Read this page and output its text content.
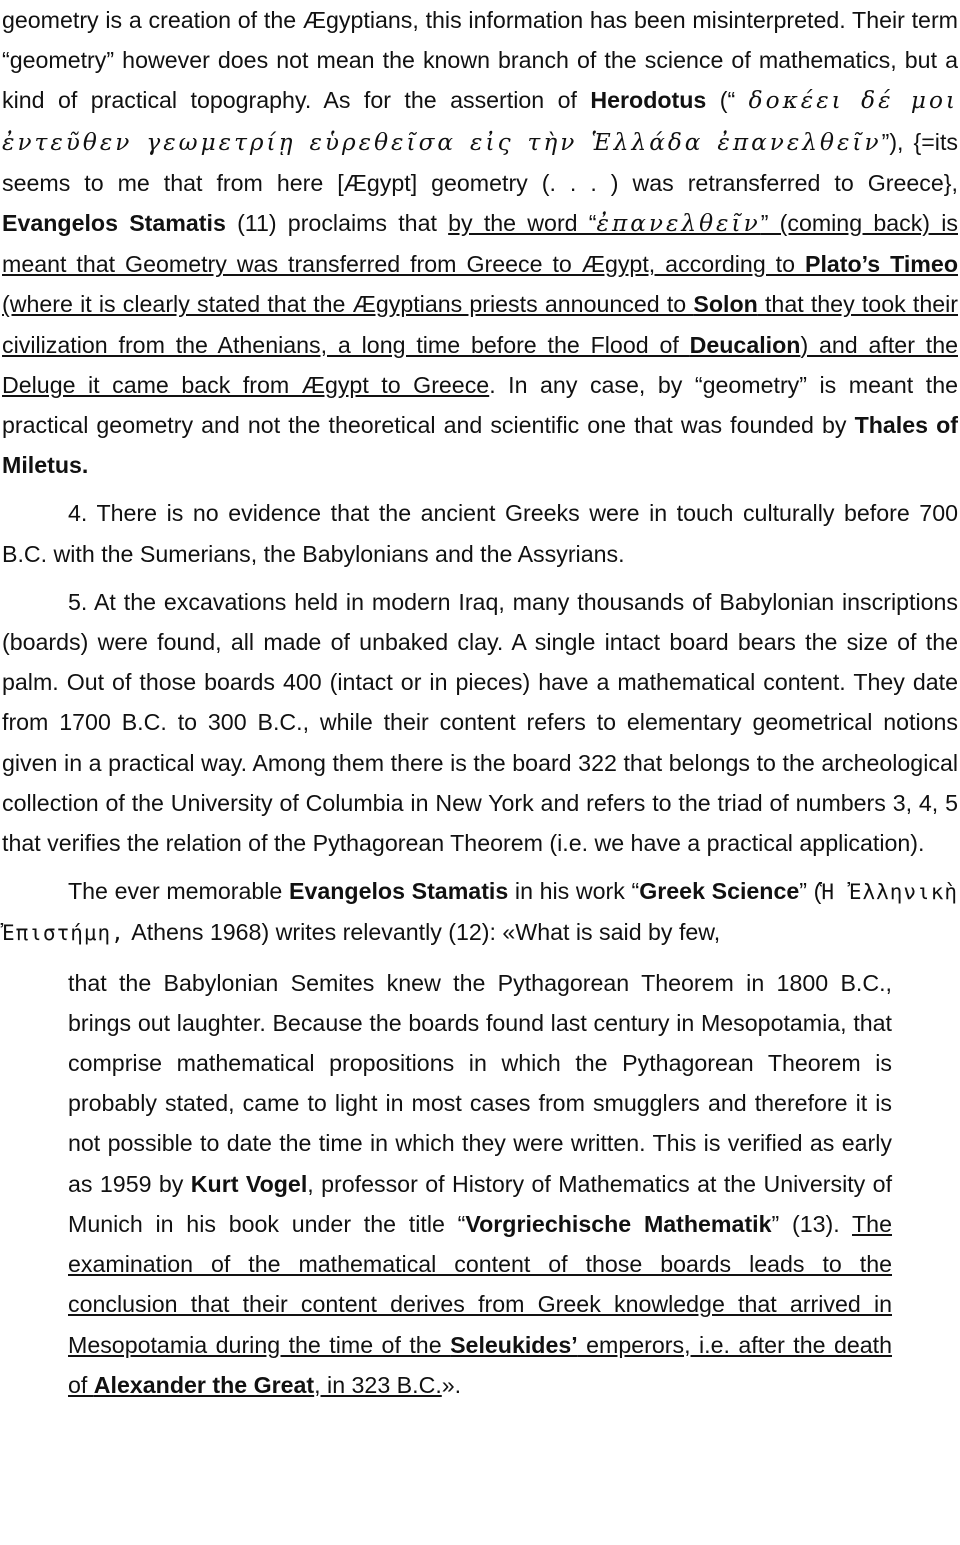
geometry is a creation of the Ægyptians, this information has been misinterpreted. Their term “geometry” however does not mean the known branch of the science of mathematics, but a kind of practical topography. As for the assertion of Herodotus (“ δοκέει δέ μοι ἐντεῦθεν γεωμετρίῃ εὑρεθεῖσα εἰς τὴν Ἑλλάδα ἐπανελθεῖν”), {=its seems to me that from here [Ægypt] geometry (. . . ) was retransferred to Greece}, Evangelos Stamatis (11) proclaims that by the word “ἐπανελθεῖν” (coming back) is meant that Geometry was transferred from Greece to Ægypt, according to Plato’s Timeo (where it is clearly stated that the Ægyptians priests announced to Solon that they took their civilization from the Athenians, a long time before the Flood of Deucalion) and after the Deluge it came back from Ægypt to Greece. In any case, by “geometry” is meant the practical geometry and not the theoretical and scientific one that was founded by Thales of Miletus.

4. There is no evidence that the ancient Greeks were in touch culturally before 700 B.C. with the Sumerians, the Babylonians and the Assyrians.

5. At the excavations held in modern Iraq, many thousands of Babylonian inscriptions (boards) were found, all made of unbaked clay. A single intact board bears the size of the palm. Out of those boards 400 (intact or in pieces) have a mathematical content. They date from 1700 B.C. to 300 B.C., while their content refers to elementary geometrical notions given in a practical way. Among them there is the board 322 that belongs to the archeological collection of the University of Columbia in New York and refers to the triad of numbers 3, 4, 5 that verifies the relation of the Pythagorean Theorem (i.e. we have a practical application).

The ever memorable Evangelos Stamatis in his work “Greek Science” (Ἡ Ἐλληνικὴ Ἐπιστήμη, Athens 1968) writes relevantly (12): «What is said by few,

that the Babylonian Semites knew the Pythagorean Theorem in 1800 B.C., brings out laughter. Because the boards found last century in Mesopotamia, that comprise mathematical propositions in which the Pythagorean Theorem is probably stated, came to light in most cases from smugglers and therefore it is not possible to date the time in which they were written. This is verified as early as 1959 by Kurt Vogel, professor of History of Mathematics at the University of Munich in his book under the title “Vorgriechische Mathematik” (13). The examination of the mathematical content of those boards leads to the conclusion that their content derives from Greek knowledge that arrived in Mesopotamia during the time of the Seleukides’ emperors, i.e. after the death of Alexander the Great, in 323 B.C.».
